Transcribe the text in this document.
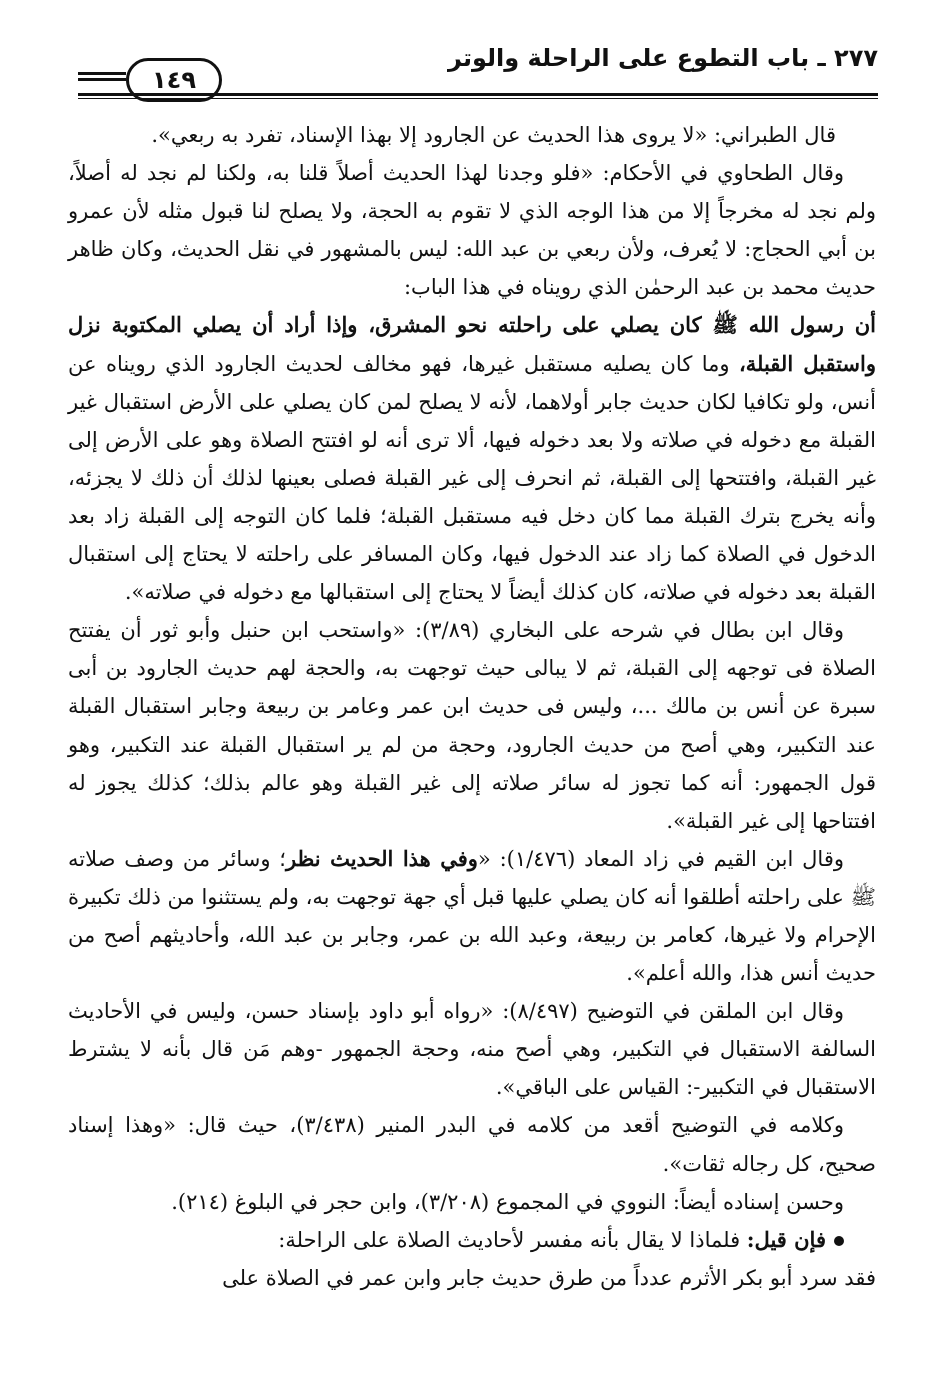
٢٧٧ ـ باب التطوع على الراحلة والوتر
١٤٩

قال الطبراني: «لا يروى هذا الحديث عن الجارود إلا بهذا الإسناد، تفرد به ربعي».

وقال الطحاوي في الأحكام: «فلو وجدنا لهذا الحديث أصلاً قلنا به، ولكنا لم نجد له أصلاً، ولم نجد له مخرجاً إلا من هذا الوجه الذي لا تقوم به الحجة، ولا يصلح لنا قبول مثله لأن عمرو بن أبي الحجاج: لا يُعرف، ولأن ربعي بن عبد الله: ليس بالمشهور في نقل الحديث، وكان ظاهر حديث محمد بن عبد الرحمٰن الذي رويناه في هذا الباب:

أن رسول الله ﷺ كان يصلي على راحلته نحو المشرق، وإذا أراد أن يصلي المكتوبة نزل واستقبل القبلة، وما كان يصليه مستقبل غيرها، فهو مخالف لحديث الجارود الذي رويناه عن أنس، ولو تكافيا لكان حديث جابر أولاهما، لأنه لا يصلح لمن كان يصلي على الأرض استقبال غير القبلة مع دخوله في صلاته ولا بعد دخوله فيها، ألا ترى أنه لو افتتح الصلاة وهو على الأرض إلى غير القبلة، وافتتحها إلى القبلة، ثم انحرف إلى غير القبلة فصلى بعينها لذلك أن ذلك لا يجزئه، وأنه يخرج بترك القبلة مما كان دخل فيه مستقبل القبلة؛ فلما كان التوجه إلى القبلة زاد بعد الدخول في الصلاة كما زاد عند الدخول فيها، وكان المسافر على راحلته لا يحتاج إلى استقبال القبلة بعد دخوله في صلاته، كان كذلك أيضاً لا يحتاج إلى استقبالها مع دخوله في صلاته».

وقال ابن بطال في شرحه على البخاري (٣/٨٩): «واستحب ابن حنبل وأبو ثور أن يفتتح الصلاة فى توجهه إلى القبلة، ثم لا يبالى حيث توجهت به، والحجة لهم حديث الجارود بن أبى سبرة عن أنس بن مالك ...، وليس فى حديث ابن عمر وعامر بن ربيعة وجابر استقبال القبلة عند التكبير، وهي أصح من حديث الجارود، وحجة من لم ير استقبال القبلة عند التكبير، وهو قول الجمهور: أنه كما تجوز له سائر صلاته إلى غير القبلة وهو عالم بذلك؛ كذلك يجوز له افتتاحها إلى غير القبلة».

وقال ابن القيم في زاد المعاد (١/٤٧٦): «وفي هذا الحديث نظر؛ وسائر من وصف صلاته ﷺ على راحلته أطلقوا أنه كان يصلي عليها قبل أي جهة توجهت به، ولم يستثنوا من ذلك تكبيرة الإحرام ولا غيرها، كعامر بن ربيعة، وعبد الله بن عمر، وجابر بن عبد الله، وأحاديثهم أصح من حديث أنس هذا، والله أعلم».

وقال ابن الملقن في التوضيح (٨/٤٩٧): «رواه أبو داود بإسناد حسن، وليس في الأحاديث السالفة الاستقبال في التكبير، وهي أصح منه، وحجة الجمهور -وهم مَن قال بأنه لا يشترط الاستقبال في التكبير-: القياس على الباقي».

وكلامه في التوضيح أقعد من كلامه في البدر المنير (٣/٤٣٨)، حيث قال: «وهذا إسناد صحيح، كل رجاله ثقات».

وحسن إسناده أيضاً: النووي في المجموع (٣/٢٠٨)، وابن حجر في البلوغ (٢١٤).

فإن قيل: فلماذا لا يقال بأنه مفسر لأحاديث الصلاة على الراحلة:

فقد سرد أبو بكر الأثرم عدداً من طرق حديث جابر وابن عمر في الصلاة على
